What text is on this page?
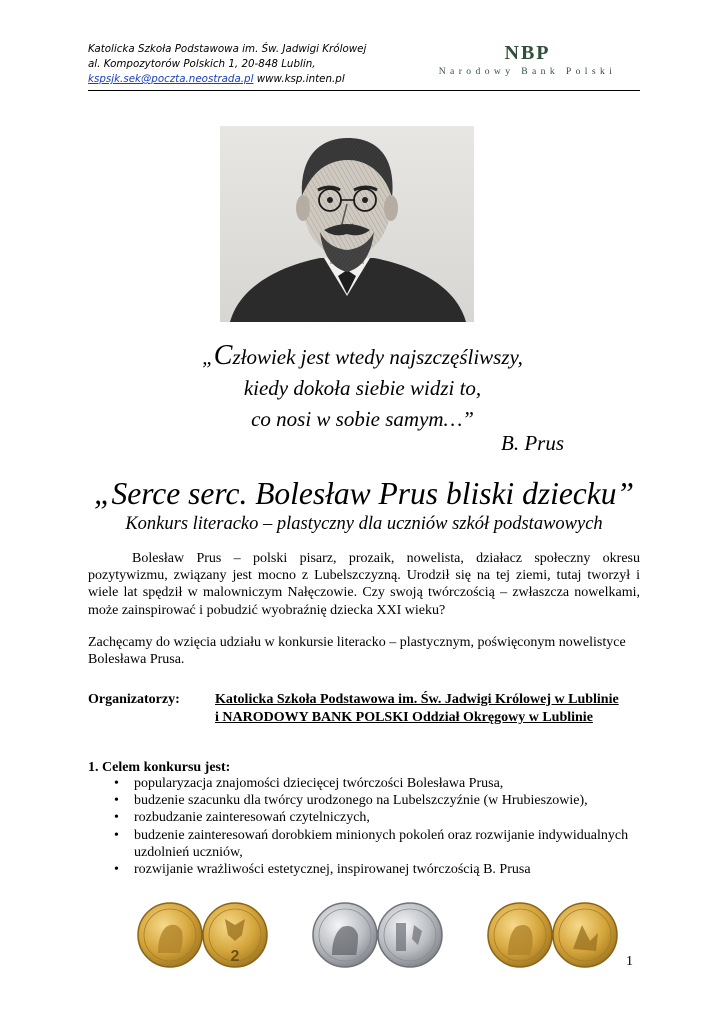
Katolicka Szkoła Podstawowa im. Św. Jadwigi Królowej
al. Kompozytorów Polskich 1, 20-848 Lublin,
kspsjk.sek@poczta.neostrada.pl www.ksp.inten.pl
NBP
Narodowy Bank Polski
„Człowiek jest wtedy najszczęśliwszy,
kiedy dokoła siebie widzi to,
co nosi w sobie samym…”
B. Prus
„Serce serc. Bolesław Prus bliski dziecku”
Konkurs literacko – plastyczny dla uczniów szkół podstawowych
Bolesław Prus – polski pisarz, prozaik, nowelista, działacz społeczny okresu pozytywizmu, związany jest mocno z Lubelszczyzną. Urodził się na tej ziemi, tutaj tworzył i wiele lat spędził w malowniczym Nałęczowie. Czy swoją twórczością – zwłaszcza nowelkami, może zainspirować i pobudzić wyobraźnię dziecka XXI wieku?
Zachęcamy do wzięcia udziału w konkursie literacko – plastycznym, poświęconym nowelistyce Bolesława Prusa.
Organizatorzy:	Katolicka Szkoła Podstawowa im. Św. Jadwigi Królowej w Lublinie
i NARODOWY BANK POLSKI Oddział Okręgowy w Lublinie
1. Celem konkursu jest:
• popularyzacja znajomości dziecięcej twórczości Bolesława Prusa,
• budzenie szacunku dla twórcy urodzonego na Lubelszczyźnie (w Hrubieszowie),
• rozbudzanie zainteresowań czytelniczych,
• budzenie zainteresowań dorobkiem minionych pokoleń oraz rozwijanie indywidualnych uzdolnień uczniów,
• rozwijanie wrażliwości estetycznej, inspirowanej twórczością B. Prusa
2	1
